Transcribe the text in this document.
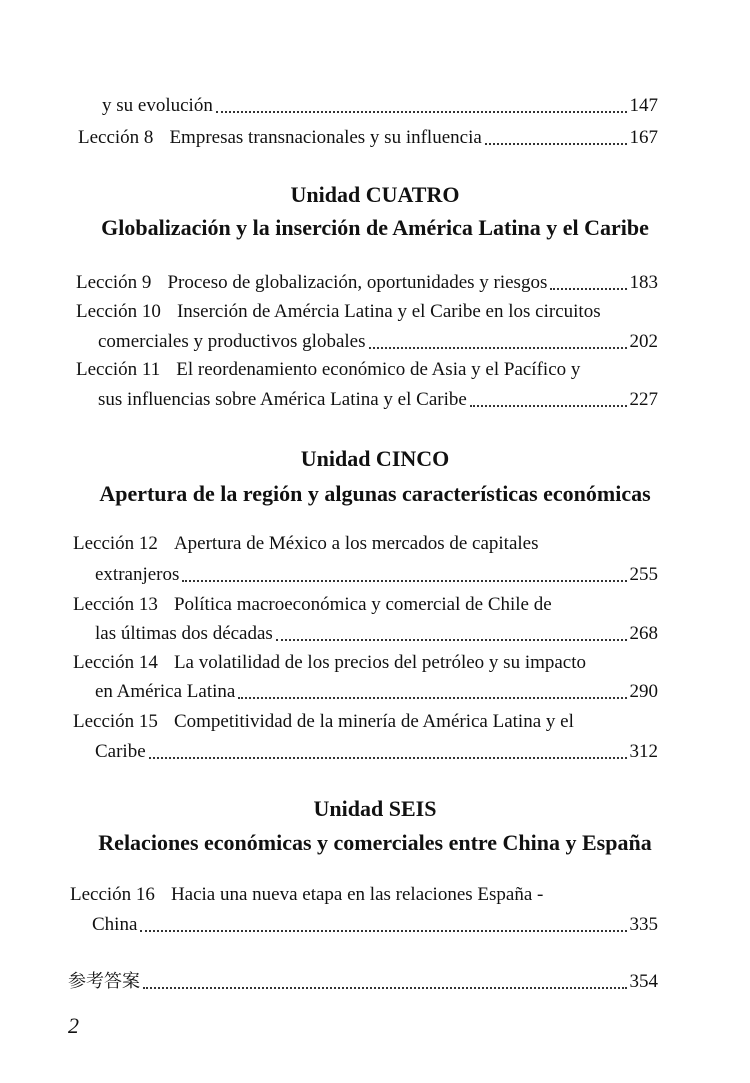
y su evolución	147
Lección 8 Empresas transnacionales y su influencia	167
Unidad CUATRO
Globalización y la inserción de América Latina y el Caribe
Lección 9 Proceso de globalización, oportunidades y riesgos	183
Lección 10 Inserción de Amércia Latina y el Caribe en los circuitos
comerciales y productivos globales	202
Lección 11 El reordenamiento económico de Asia y el Pacífico y
sus influencias sobre América Latina y el Caribe	227
Unidad CINCO
Apertura de la región y algunas características económicas
Lección 12 Apertura de México a los mercados de capitales
extranjeros	255
Lección 13 Política macroeconómica y comercial de Chile de
las últimas dos décadas	268
Lección 14 La volatilidad de los precios del petróleo y su impacto
en América Latina	290
Lección 15 Competitividad de la minería de América Latina y el
Caribe	312
Unidad SEIS
Relaciones económicas y comerciales entre China y España
Lección 16 Hacia una nueva etapa en las relaciones España -
China	335
参考答案	354
2
